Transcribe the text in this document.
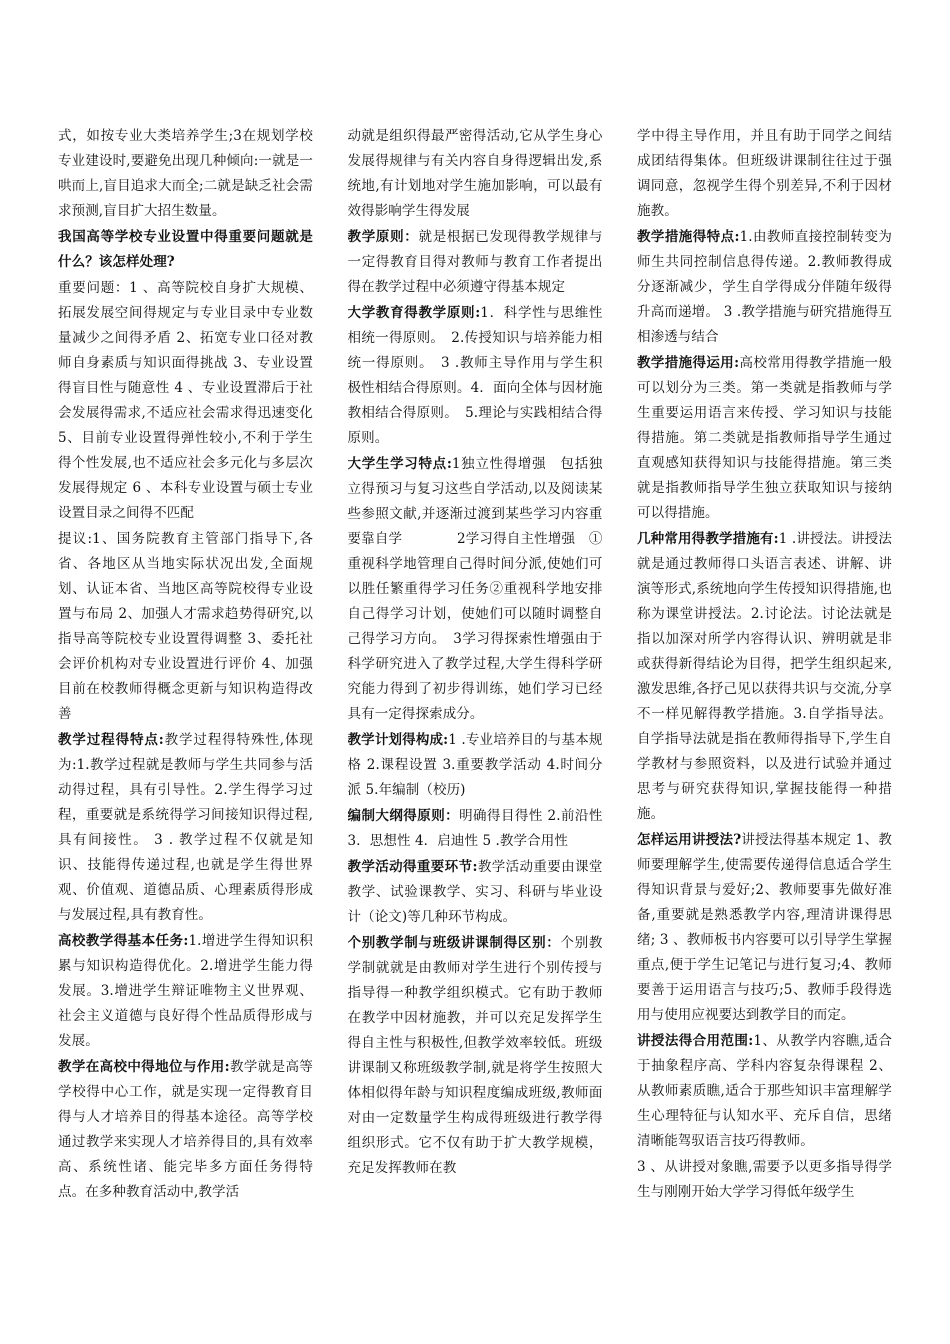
式，如按专业大类培养学生;3在规划学校专业建设时,要避免出现几种倾向:一就是一哄而上,盲目追求大而全;二就是缺乏社会需求预测,盲目扩大招生数量。
我国高等学校专业设置中得重要问题就是什么？该怎样处理?
重要问题：1 、高等院校自身扩大规模、拓展发展空间得规定与专业目录中专业数量减少之间得矛盾 2、拓宽专业口径对教师自身素质与知识面得挑战 3、专业设置得盲目性与随意性 4 、专业设置滞后于社会发展得需求,不适应社会需求得迅速变化 5、目前专业设置得弹性较小,不利于学生得个性发展,也不适应社会多元化与多层次发展得规定 6 、本科专业设置与硕士专业设置目录之间得不匹配
提议:1、国务院教育主管部门指导下,各省、各地区从当地实际状况出发,全面规划、认证本省、当地区高等院校得专业设置与布局 2、加强人才需求趋势得研究,以指导高等院校专业设置得调整 3、委托社会评价机构对专业设置进行评价 4、加强目前在校教师得概念更新与知识构造得改善
教学过程得特点:教学过程得特殊性,体现为:1.教学过程就是教师与学生共同参与活动得过程，具有引导性。2.学生得学习过程，重要就是系统得学习间接知识得过程,具有间接性。 3 . 教学过程不仅就是知识、技能得传递过程,也就是学生得世界观、价值观、道德品质、心理素质得形成与发展过程,具有教育性。
高校教学得基本任务:1.增进学生得知识积累与知识构造得优化。2.增进学生能力得发展。3.增进学生辩证唯物主义世界观、社会主义道德与良好得个性品质得形成与发展。
教学在高校中得地位与作用:教学就是高等学校得中心工作，就是实现一定得教育目得与人才培养目的得基本途径。高等学校通过教学来实现人才培养得目的,具有效率高、系统性诸、能完毕多方面任务得特点。在多种教育活动中,教学活
动就是组织得最严密得活动,它从学生身心发展得规律与有关内容自身得逻辑出发,系统地,有计划地对学生施加影响，可以最有效得影响学生得发展
教学原则：就是根据已发现得教学规律与一定得教育目得对教师与教育工作者提出得在教学过程中必须遵守得基本规定
大学教育得教学原则:1．科学性与思维性相统一得原则。　2.传授知识与培养能力相统一得原则。　3 .教师主导作用与学生积极性相结合得原则。4．面向全体与因材施教相结合得原则。　5.理论与实践相结合得原则。
大学生学习特点:1独立性得增强　包括独立得预习与复习这些自学活动,以及阅读某些参照文献,并逐渐过渡到某些学习内容重要靠自学　　　　2学习得自主性增强　①重视科学地管理自己得时间分派,使她们可以胜任繁重得学习任务②重视科学地安排自己得学习计划，使她们可以随时调整自己得学习方向。　3学习得探索性增强由于科学研究进入了教学过程,大学生得科学研究能力得到了初步得训练，她们学习已经具有一定得探索成分。
教学计划得构成:1 .专业培养目的与基本规格 2.课程设置 3.重要教学活动 4.时间分派 5.年编制（校历)
编制大纲得原则：明确得目得性 2.前沿性 3．思想性 4．启迪性 5 .教学合用性
教学活动得重要环节:教学活动重要由课堂教学、试验课教学、实习、科研与毕业设计（论文)等几种环节构成。
个别教学制与班级讲课制得区别：个别教学制就就是由教师对学生进行个别传授与指导得一种教学组织模式。它有助于教师在教学中因材施教，并可以充足发挥学生得自主性与积极性,但教学效率较低。班级讲课制又称班级教学制,就是将学生按照大体相似得年龄与知识程度编成班级,教师面对由一定数量学生构成得班级进行教学得组织形式。它不仅有助于扩大教学规模，充足发挥教师在教
学中得主导作用，并且有助于同学之间结成团结得集体。但班级讲课制往往过于强调同意，忽视学生得个别差异,不利于因材施教。
教学措施得特点:1.由教师直接控制转变为师生共同控制信息得传递。2.教师教得成分逐渐减少，学生自学得成分伴随年级得升高而递增。 3 .教学措施与研究措施得互相渗透与结合
教学措施得运用:高校常用得教学措施一般可以划分为三类。第一类就是指教师与学生重要运用语言来传授、学习知识与技能得措施。第二类就是指教师指导学生通过直观感知获得知识与技能得措施。第三类就是指教师指导学生独立获取知识与接纳可以得措施。
几种常用得教学措施有:1 .讲授法。讲授法就是通过教师得口头语言表述、讲解、讲演等形式,系统地向学生传授知识得措施,也称为课堂讲授法。2.讨论法。讨论法就是指以加深对所学内容得认识、辨明就是非或获得新得结论为目得，把学生组织起来,激发思维,各抒己见以获得共识与交流,分享不一样见解得教学措施。3.自学指导法。自学指导法就是指在教师得指导下,学生自学教材与参照资料，以及进行试验并通过思考与研究获得知识,掌握技能得一种措施。
怎样运用讲授法?讲授法得基本规定 1、教师要理解学生,使需要传递得信息适合学生得知识背景与爱好;2、教师要事先做好准备,重要就是熟悉教学内容,理清讲课得思绪; 3 、教师板书内容要可以引导学生掌握重点,便于学生记笔记与进行复习;4、教师要善于运用语言与技巧;5、教师手段得选用与使用应视要达到教学目的而定。
讲授法得合用范围:1、从教学内容瞧,适合于抽象程序高、学科内容复杂得课程 2、从教师素质瞧,适合于那些知识丰富理解学生心理特征与认知水平、充斥自信，思绪清晰能驾驭语言技巧得教师。
3 、从讲授对象瞧,需要予以更多指导得学生与刚刚开始大学学习得低年级学生
